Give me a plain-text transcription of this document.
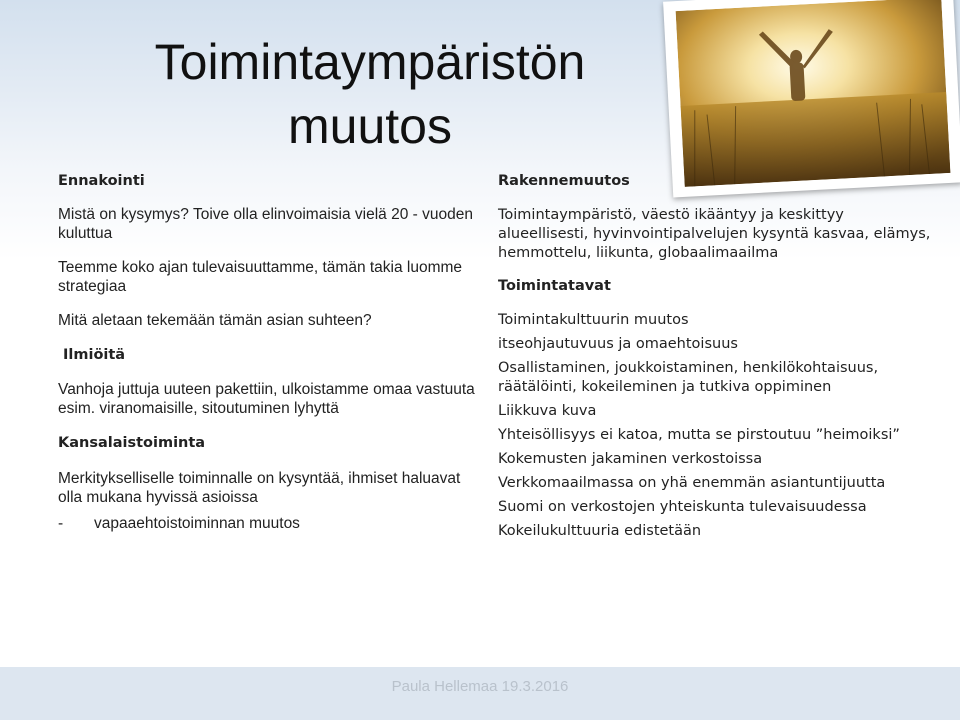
Toimintaympäristön
muutos

Ennakointi

Mistä on kysymys? Toive olla elinvoimaisia vielä 20 - vuoden kuluttua

Teemme koko ajan tulevaisuuttamme, tämän takia luomme strategiaa

Mitä aletaan tekemään tämän asian suhteen?

Ilmiöitä

Vanhoja juttuja uuteen pakettiin, ulkoistamme omaa vastuuta esim. viranomaisille, sitoutuminen lyhyttä

Kansalaistoiminta

Merkitykselliselle toiminnalle on kysyntää, ihmiset haluavat olla mukana hyvissä asioissa

-	vapaaehtoistoiminnan muutos

Rakennemuutos

Toimintaympäristö, väestö ikääntyy ja keskittyy alueellisesti, hyvinvointipalvelujen kysyntä kasvaa, elämys, hemmottelu, liikunta, globaalimaailma

Toimintatavat

Toimintakulttuurin muutos

itseohjautuvuus ja omaehtoisuus

Osallistaminen, joukkoistaminen, henkilökohtaisuus, räätälöinti, kokeileminen ja tutkiva oppiminen

Liikkuva kuva

Yhteisöllisyys ei katoa, mutta se pirstoutuu ”heimoiksi”

Kokemusten jakaminen verkostoissa

Verkkomaailmassa on yhä enemmän asiantuntijuutta

Suomi on verkostojen yhteiskunta tulevaisuudessa

Kokeilukulttuuria edistetään

Paula Hellemaa 19.3.2016
